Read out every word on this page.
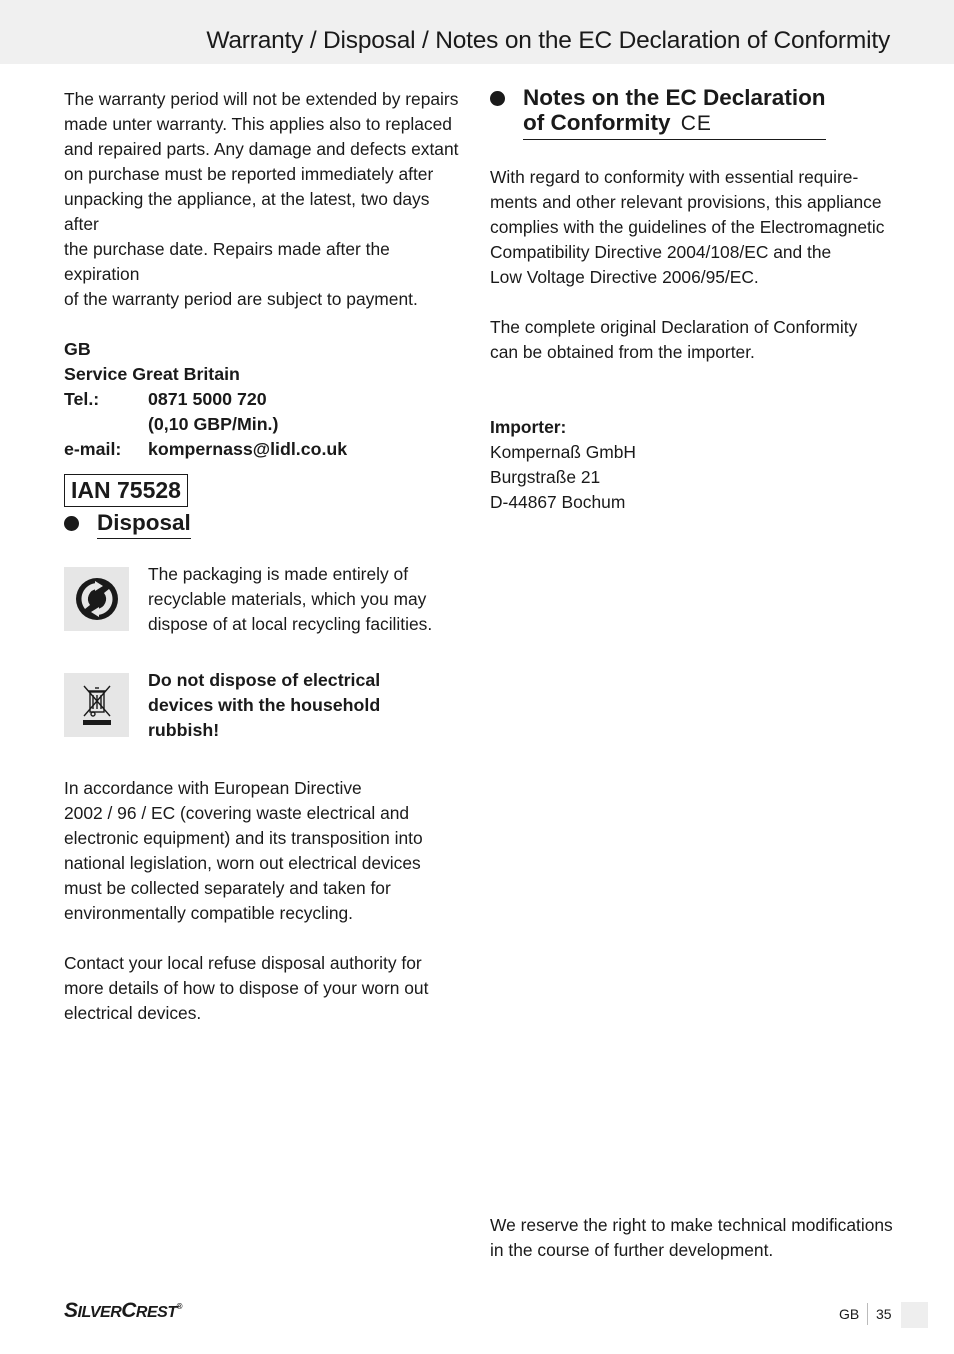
Warranty / Disposal / Notes on the EC Declaration of Conformity

The warranty period will not be extended by repairs

made unter warranty. This applies also to replaced

and repaired parts. Any damage and defects extant

on purchase must be reported immediately after

unpacking the appliance, at the latest, two days after

the purchase date. Repairs made after the expiration

of the warranty period are subject to payment.

GB
Service Great Britain
Tel.:	0871 5000 720
(0,10 GBP/Min.)
e-mail:	kompernass@lidl.co.uk
IAN 75528
Disposal
The packaging is made entirely of
recyclable materials, which you may
dispose of at local recycling facilities.
Do not dispose of electrical
devices with the household
rubbish!

In accordance with European Directive

2002 / 96 / EC (covering waste electrical and

electronic equipment) and its transposition into

national legislation, worn out electrical devices

must be collected separately and taken for

environmentally compatible recycling.

Contact your local refuse disposal authority for

more details of how to dispose of your worn out

electrical devices.

Notes on the EC Declaration
of Conformity CE

With regard to conformity with essential require-

ments and other relevant provisions, this appliance

complies with the guidelines of the Electromagnetic

Compatibility Directive 2004/108/EC and the

Low Voltage Directive 2006/95/EC.

The complete original Declaration of Conformity

can be obtained from the importer.

Importer:

Kompernaß GmbH

Burgstraße 21

D-44867 Bochum

We reserve the right to make technical modifications

in the course of further development.

SILVERCREST®	GB 35
